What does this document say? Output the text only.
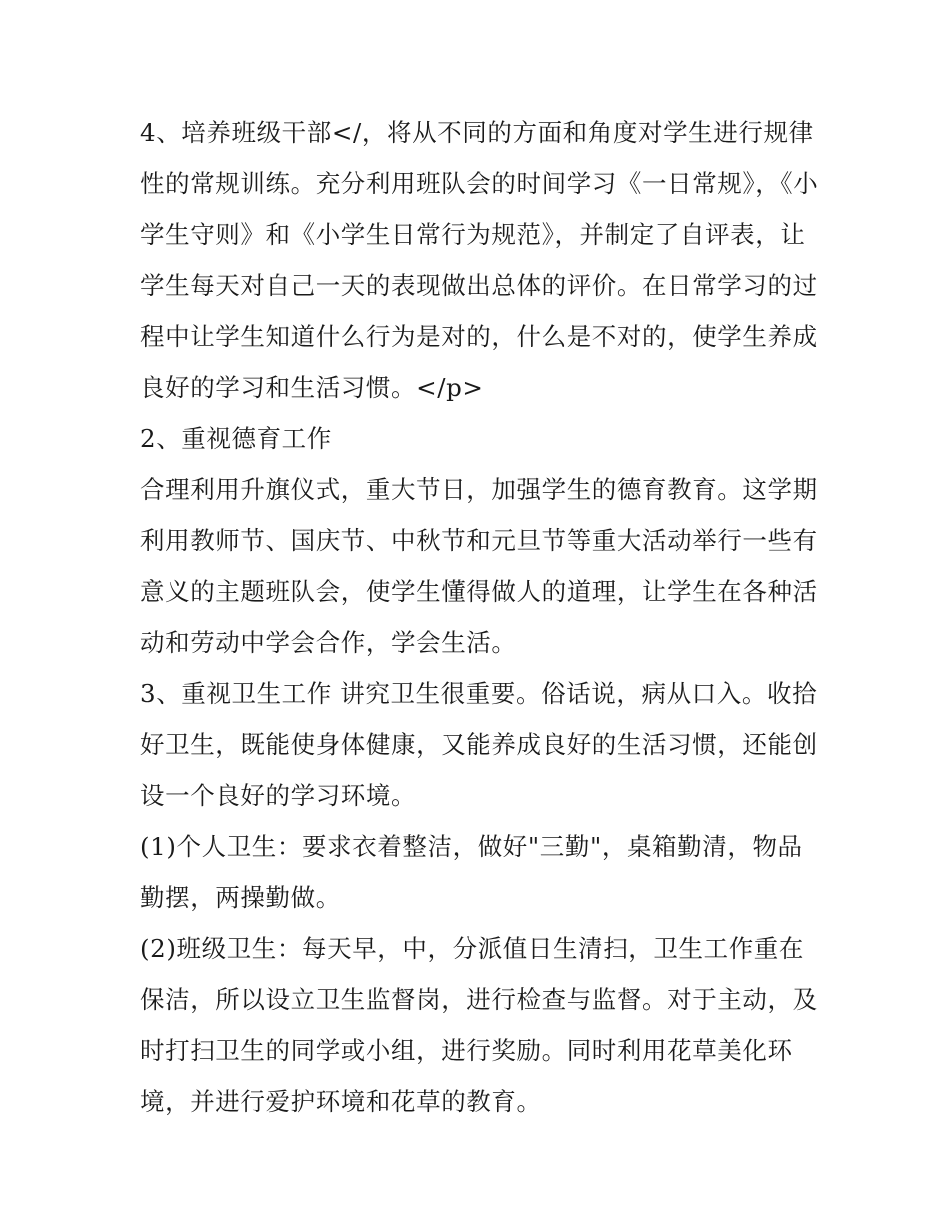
4、培养班级干部</，将从不同的方面和角度对学生进行规律性的常规训练。充分利用班队会的时间学习《一日常规》，《小学生守则》和《小学生日常行为规范》，并制定了自评表，让学生每天对自己一天的表现做出总体的评价。在日常学习的过程中让学生知道什么行为是对的，什么是不对的，使学生养成良好的学习和生活习惯。</p>

2、重视德育工作

合理利用升旗仪式，重大节日，加强学生的德育教育。这学期利用教师节、国庆节、中秋节和元旦节等重大活动举行一些有意义的主题班队会，使学生懂得做人的道理，让学生在各种活动和劳动中学会合作，学会生活。

3、重视卫生工作 讲究卫生很重要。俗话说，病从口入。收拾好卫生，既能使身体健康，又能养成良好的生活习惯，还能创设一个良好的学习环境。

(1)个人卫生：要求衣着整洁，做好"三勤"，桌箱勤清，物品勤摆，两操勤做。

(2)班级卫生：每天早，中，分派值日生清扫，卫生工作重在保洁，所以设立卫生监督岗，进行检查与监督。对于主动，及时打扫卫生的同学或小组，进行奖励。同时利用花草美化环境，并进行爱护环境和花草的教育。
